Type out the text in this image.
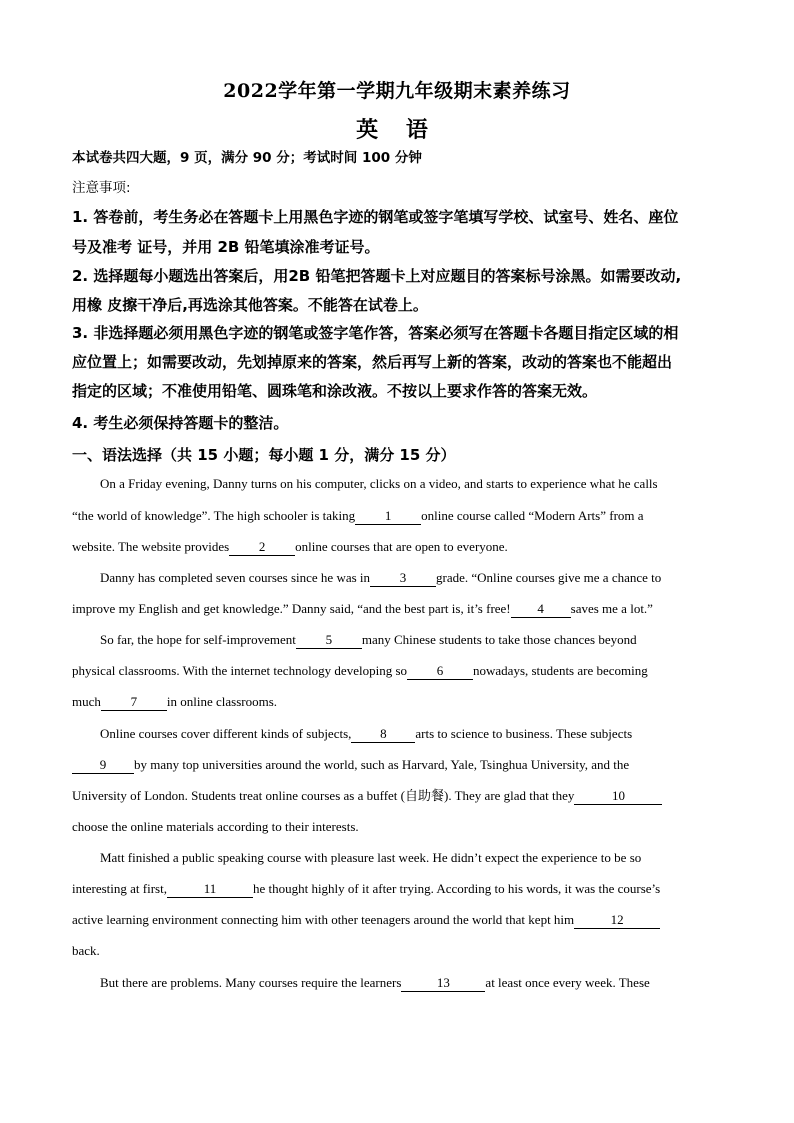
2022学年第一学期九年级期末素养练习
英 语
本试卷共四大题，9 页，满分 90 分；考试时间 100 分钟
注意事项:
1. 答卷前，考生务必在答题卡上用黑色字迹的钢笔或签字笔填写学校、试室号、姓名、座位
号及准考 证号，并用 2B 铅笔填涂准考证号。
2. 选择题每小题选出答案后，用2B 铅笔把答题卡上对应题目的答案标号涂黑。如需要改动,
用橡 皮擦干净后,再选涂其他答案。不能答在试卷上。
3. 非选择题必须用黑色字迹的钢笔或签字笔作答，答案必须写在答题卡各题目指定区域的相
应位置上；如需要改动，先划掉原来的答案，然后再写上新的答案，改动的答案也不能超出
指定的区域；不准使用铅笔、圆珠笔和涂改液。不按以上要求作答的答案无效。
4. 考生必须保持答题卡的整洁。
一、语法选择（共 15 小题；每小题 1 分，满分 15 分）
On a Friday evening, Danny turns on his computer, clicks on a video, and starts to experience what he calls
“the world of knowledge”. The high schooler is taking 1 online course called “Modern Arts” from a
website. The website provides 2 online courses that are open to everyone.
Danny has completed seven courses since he was in 3 grade. “Online courses give me a chance to
improve my English and get knowledge.” Danny said, “and the best part is, it’s free! 4 saves me a lot.”
So far, the hope for self-improvement 5 many Chinese students to take those chances beyond
physical classrooms. With the internet technology developing so 6 nowadays, students are becoming
much 7 in online classrooms.
Online courses cover different kinds of subjects, 8 arts to science to business. These subjects
9 by many top universities around the world, such as Harvard, Yale, Tsinghua University, and the
University of London. Students treat online courses as a buffet (自助餐). They are glad that they	10
choose the online materials according to their interests.
Matt finished a public speaking course with pleasure last week. He didn’t expect the experience to be so
interesting at first,	11	he thought highly of it after trying. According to his words, it was the course’s
active learning environment connecting him with other teenagers around the world that kept him	12
back.
But there are problems. Many courses require the learners	13	at least once every week. These
